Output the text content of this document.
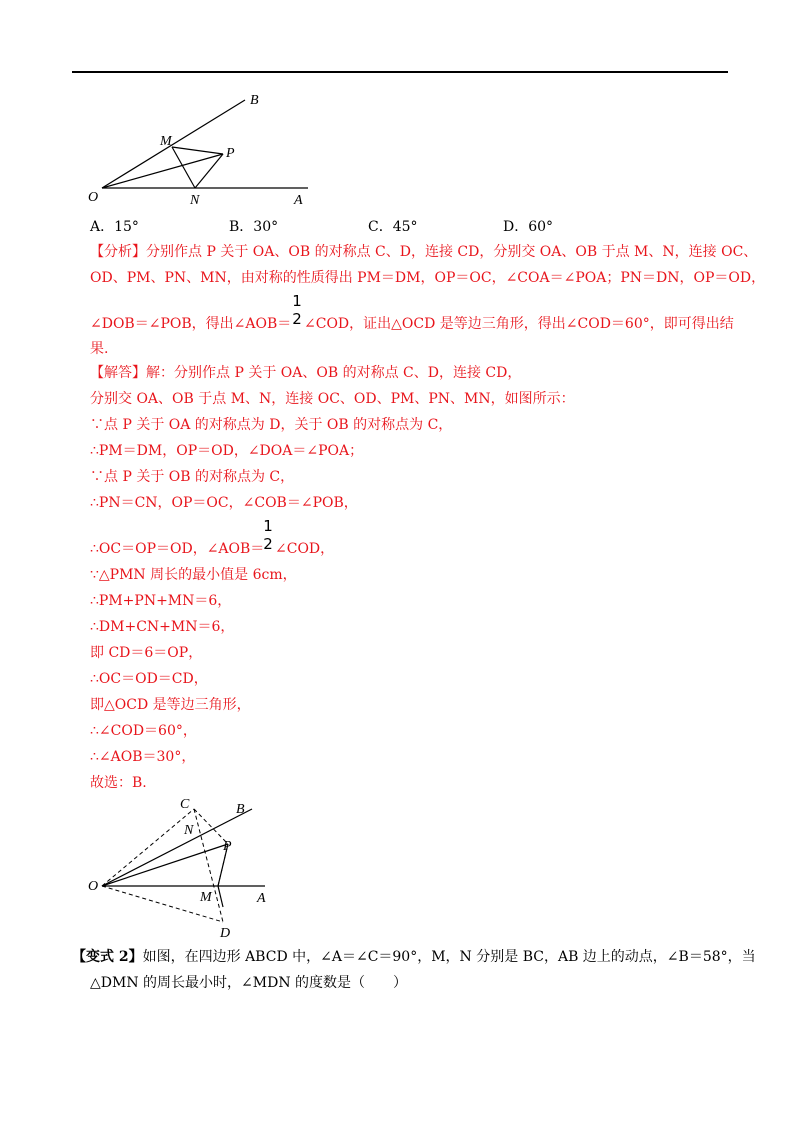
B
M
P
O	N	A
A．15°	B．30°	C．45°	D．60°
【分析】分别作点 P 关于 OA、OB 的对称点 C、D，连接 CD，分别交 OA、OB 于点 M、N，连接 OC、
OD、PM、PN、MN，由对称的性质得出 PM＝DM，OP＝OC，∠COA＝∠POA；PN＝DN，OP＝OD，
∠DOB＝∠POB，得出∠AOB＝
1
2 ∠COD，证出△OCD 是等边三角形，得出∠COD＝60°，即可得出结
果.
【解答】解：分别作点 P 关于 OA、OB 的对称点 C、D，连接 CD，
分别交 OA、OB 于点 M、N，连接 OC、OD、PM、PN、MN，如图所示：
∵点 P 关于 OA 的对称点为 D，关于 OB 的对称点为 C，
∴PM＝DM，OP＝OD，∠DOA＝∠POA；
∵点 P 关于 OB 的对称点为 C，
∴PN＝CN，OP＝OC，∠COB＝∠POB，
∴OC＝OP＝OD，∠AOB＝
1
2 ∠COD，
∵△PMN 周长的最小值是 6cm，
∴PM+PN+MN＝6，
∴DM+CN+MN＝6，
即 CD＝6＝OP，
∴OC＝OD＝CD，
即△OCD 是等边三角形，
∴∠COD＝60°，
∴∠AOB＝30°，
故选：B.
C	B
N
P
O
M	A
D
【变式 2】如图，在四边形 ABCD 中，∠A＝∠C＝90°，M，N 分别是 BC，AB 边上的动点，∠B＝58°，当
△DMN 的周长最小时，∠MDN 的度数是（　　）
